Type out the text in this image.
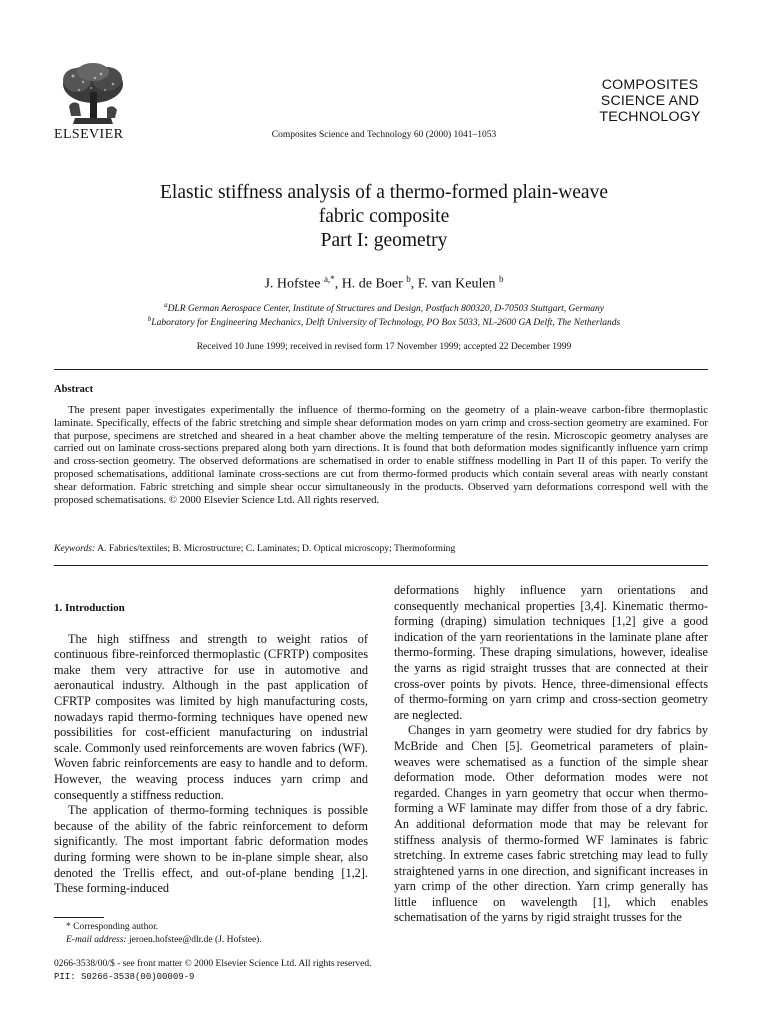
ELSEVIER	Composites Science and Technology 60 (2000) 1041–1053
COMPOSITES
SCIENCE AND
TECHNOLOGY
Elastic stiffness analysis of a thermo-formed plain-weave
fabric composite
Part I: geometry
J. Hofstee $^{a,*}$, H. de Boer $^b$, F. van Keulen $^b$
$^a$DLR German Aerospace Center, Institute of Structures and Design, Postfach 800320, D-70503 Stuttgart, Germany
$^b$Laboratory for Engineering Mechanics, Delft University of Technology, PO Box 5033, NL-2600 GA Delft, The Netherlands
Received 10 June 1999; received in revised form 17 November 1999; accepted 22 December 1999
Abstract
The present paper investigates experimentally the influence of thermo-forming on the geometry of a plain-weave carbon-fibre thermoplastic laminate. Specifically, effects of the fabric stretching and simple shear deformation modes on yarn crimp and cross-section geometry are examined. For that purpose, specimens are stretched and sheared in a heat chamber above the melting temperature of the resin. Microscopic geometry analyses are carried out on laminate cross-sections prepared along both yarn directions. It is found that both deformation modes significantly influence yarn crimp and cross-section geometry. The observed deformations are schematised in order to enable stiffness modelling in Part II of this paper. To verify the proposed schematisations, additional laminate cross-sections are cut from thermo-formed products which contain several areas with nearly constant shear deformation. Fabric stretching and simple shear occur simultaneously in the products. Observed yarn deformations correspond well with the proposed schematisations. © 2000 Elsevier Science Ltd. All rights reserved.
Keywords: A. Fabrics/textiles; B. Microstructure; C. Laminates; D. Optical microscopy; Thermoforming

1. Introduction

The high stiffness and strength to weight ratios of continuous fibre-reinforced thermoplastic (CFRTP) composites make them very attractive for use in automotive and aeronautical industry. Although in the past application of CFRTP composites was limited by high manufacturing costs, nowadays rapid thermo-forming techniques have opened new possibilities for cost-efficient manufacturing on industrial scale. Commonly used reinforcements are woven fabrics (WF). Woven fabric reinforcements are easy to handle and to deform. However, the weaving process induces yarn crimp and consequently a stiffness reduction.

The application of thermo-forming techniques is possible because of the ability of the fabric reinforcement to deform significantly. The most important fabric deformation modes during forming were shown to be in-plane simple shear, also denoted the Trellis effect, and out-of-plane bending [1,2]. These forming-induced

deformations highly influence yarn orientations and consequently mechanical properties [3,4]. Kinematic thermo-forming (draping) simulation techniques [1,2] give a good indication of the yarn reorientations in the laminate plane after thermo-forming. These draping simulations, however, idealise the yarns as rigid straight trusses that are connected at their cross-over points by pivots. Hence, three-dimensional effects of thermo-forming on yarn crimp and cross-section geometry are neglected.

Changes in yarn geometry were studied for dry fabrics by McBride and Chen [5]. Geometrical parameters of plain-weaves were schematised as a function of the simple shear deformation mode. Other deformation modes were not regarded. Changes in yarn geometry that occur when thermo-forming a WF laminate may differ from those of a dry fabric. An additional deformation mode that may be relevant for stiffness analysis of thermo-formed WF laminates is fabric stretching. In extreme cases fabric stretching may lead to fully straightened yarns in one direction, and significant increases in yarn crimp of the other direction. Yarn crimp generally has little influence on wavelength [1], which enables schematisation of the yarns by rigid straight trusses for the

* Corresponding author.
E-mail address: jeroen.hofstee@dlr.de (J. Hofstee).
0266-3538/00/$ - see front matter © 2000 Elsevier Science Ltd. All rights reserved.
PII: S0266-3538(00)00009-9
